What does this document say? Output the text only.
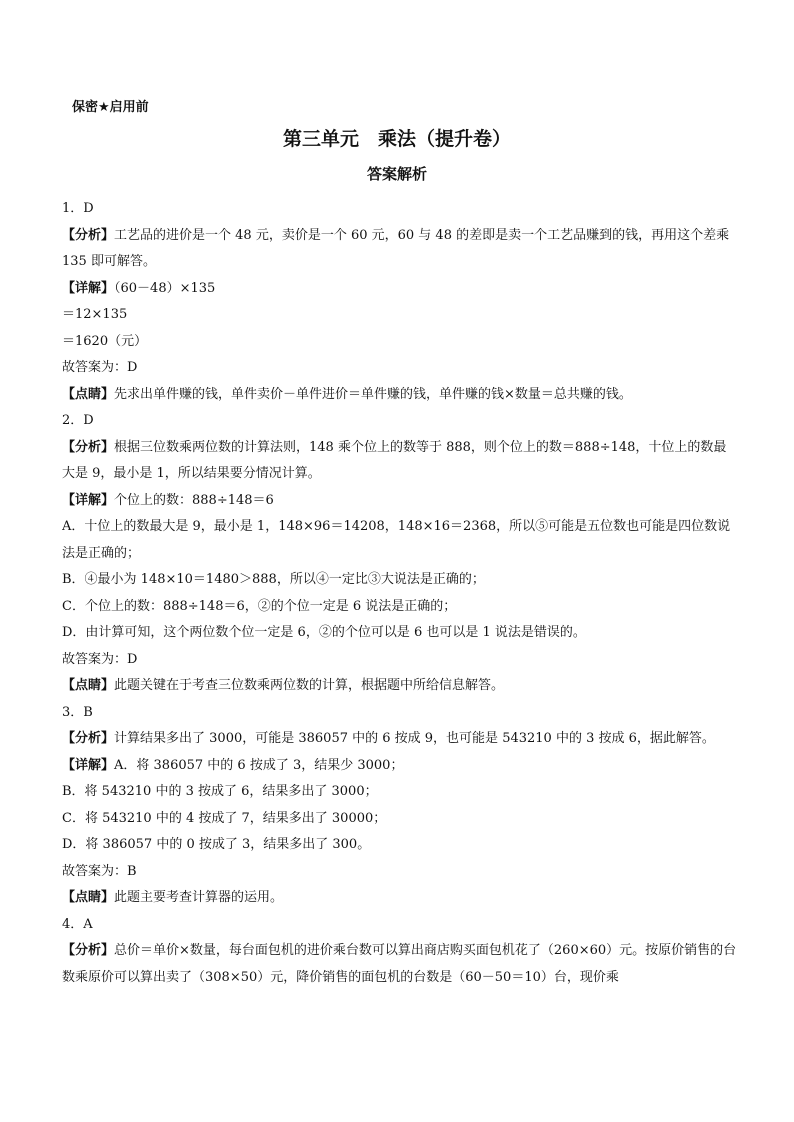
保密★启用前
第三单元　乘法（提升卷）
答案解析
1．D
【分析】工艺品的进价是一个 48 元，卖价是一个 60 元，60 与 48 的差即是卖一个工艺品赚到的钱，再用这个差乘 135 即可解答。
【详解】（60－48）×135
＝12×135
＝1620（元）
故答案为：D
【点睛】先求出单件赚的钱，单件卖价－单件进价＝单件赚的钱，单件赚的钱×数量＝总共赚的钱。
2．D
【分析】根据三位数乘两位数的计算法则，148 乘个位上的数等于 888，则个位上的数＝888÷148，十位上的数最大是 9，最小是 1，所以结果要分情况计算。
【详解】个位上的数：888÷148＝6
A．十位上的数最大是 9，最小是 1，148×96＝14208，148×16＝2368，所以⑤可能是五位数也可能是四位数说法是正确的；
B．④最小为 148×10＝1480＞888，所以④一定比③大说法是正确的；
C．个位上的数：888÷148＝6，②的个位一定是 6 说法是正确的；
D．由计算可知，这个两位数个位一定是 6，②的个位可以是 6 也可以是 1 说法是错误的。
故答案为：D
【点睛】此题关键在于考查三位数乘两位数的计算，根据题中所给信息解答。
3．B
【分析】计算结果多出了 3000，可能是 386057 中的 6 按成 9，也可能是 543210 中的 3 按成 6，据此解答。
【详解】A．将 386057 中的 6 按成了 3，结果少 3000；
B．将 543210 中的 3 按成了 6，结果多出了 3000；
C．将 543210 中的 4 按成了 7，结果多出了 30000；
D．将 386057 中的 0 按成了 3，结果多出了 300。
故答案为：B
【点睛】此题主要考查计算器的运用。
4．A
【分析】总价＝单价×数量，每台面包机的进价乘台数可以算出商店购买面包机花了（260×60）元。按原价销售的台数乘原价可以算出卖了（308×50）元，降价销售的面包机的台数是（60－50＝10）台，现价乘
